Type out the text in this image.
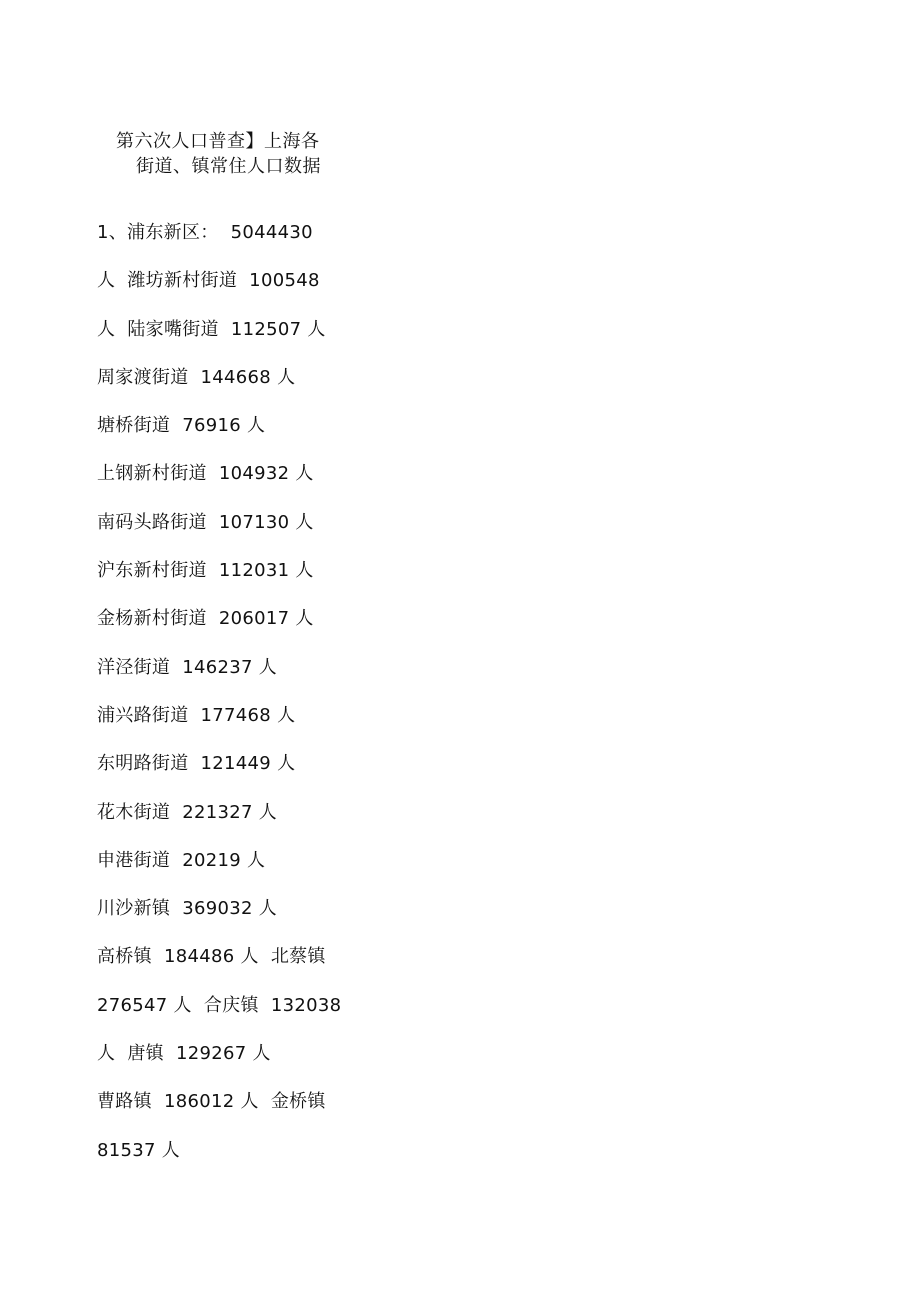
第六次人口普查】上海各
街道、镇常住人口数据
1、浦东新区：  5044430
人  潍坊新村街道  100548
人  陆家嘴街道  112507 人
周家渡街道  144668 人
塘桥街道  76916 人
上钢新村街道  104932 人
南码头路街道  107130 人
沪东新村街道  112031 人
金杨新村街道  206017 人
洋泾街道  146237 人
浦兴路街道  177468 人
东明路街道  121449 人
花木街道  221327 人
申港街道  20219 人
川沙新镇  369032 人
高桥镇  184486 人  北蔡镇
276547 人  合庆镇  132038
人  唐镇  129267 人
曹路镇  186012 人  金桥镇
81537 人
